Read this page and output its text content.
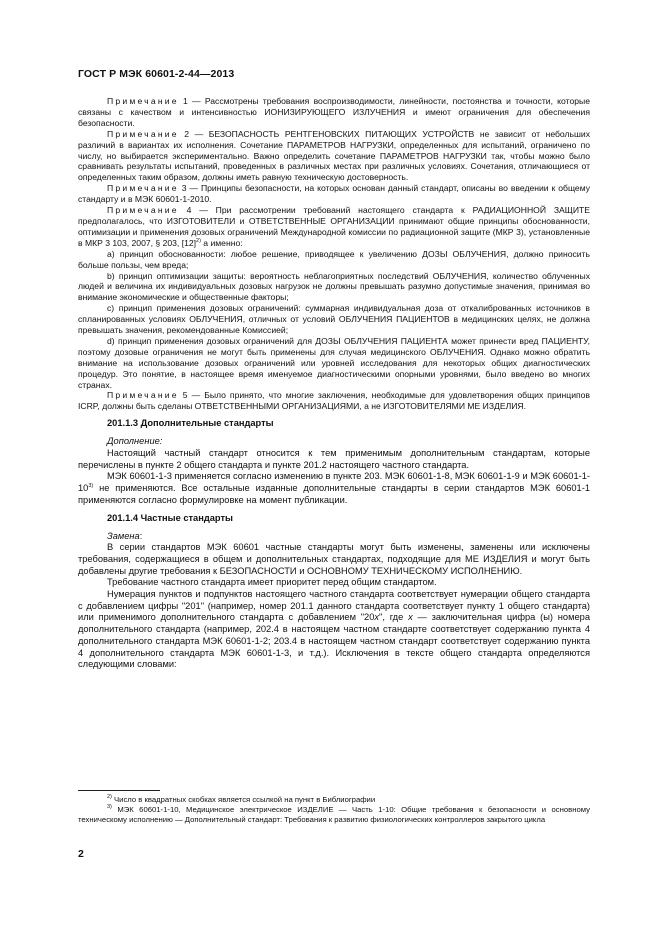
ГОСТ Р МЭК 60601-2-44—2013

Примечание 1 — Рассмотрены требования воспроизводимости, линейности, постоянства и точности, которые связаны с качеством и интенсивностью ИОНИЗИРУЮЩЕГО ИЗЛУЧЕНИЯ и имеют ограничения для обеспечения безопасности.

Примечание 2 — БЕЗОПАСНОСТЬ РЕНТГЕНОВСКИХ ПИТАЮЩИХ УСТРОЙСТВ не зависит от небольших различий в вариантах их исполнения. Сочетание ПАРАМЕТРОВ НАГРУЗКИ, определенных для испытаний, ограничено по числу, но выбирается экспериментально. Важно определить сочетание ПАРАМЕТРОВ НАГРУЗКИ так, чтобы можно было сравнивать результаты испытаний, проведенных в различных местах при различных условиях. Сочетания, отличающиеся от определенных таким образом, должны иметь равную техническую достоверность.

Примечание 3 — Принципы безопасности, на которых основан данный стандарт, описаны во введении к общему стандарту и в МЭК 60601-1-2010.

Примечание 4 — При рассмотрении требований настоящего стандарта к РАДИАЦИОННОЙ ЗАЩИТЕ предполагалось, что ИЗГОТОВИТЕЛИ и ОТВЕТСТВЕННЫЕ ОРГАНИЗАЦИИ принимают общие принципы обоснованности, оптимизации и применения дозовых ограничений Международной комиссии по радиационной защите (МКР 3), установленные в МКР 3 103, 2007, § 203, $[12]^{2)}$ а именно:

a) принцип обоснованности: любое решение, приводящее к увеличению ДОЗЫ ОБЛУЧЕНИЯ, должно приносить больше пользы, чем вреда;

b) принцип оптимизации защиты: вероятность неблагоприятных последствий ОБЛУЧЕНИЯ, количество облученных людей и величина их индивидуальных дозовых нагрузок не должны превышать разумно допустимые значения, принимая во внимание экономические и общественные факторы;

c) принцип применения дозовых ограничений: суммарная индивидуальная доза от откалиброванных источников в спланированных условиях ОБЛУЧЕНИЯ, отличных от условий ОБЛУЧЕНИЯ ПАЦИЕНТОВ в медицинских целях, не должна превышать значения, рекомендованные Комиссией;

d) принцип применения дозовых ограничений для ДОЗЫ ОБЛУЧЕНИЯ ПАЦИЕНТА может принести вред ПАЦИЕНТУ, поэтому дозовые ограничения не могут быть применены для случая медицинского ОБЛУЧЕНИЯ. Однако можно обратить внимание на использование дозовых ограничений или уровней исследования для некоторых общих диагностических процедур. Это понятие, в настоящее время именуемое диагностическими опорными уровнями, было введено во многих странах.

Примечание 5 — Было принято, что многие заключения, необходимые для удовлетворения общих принципов ICRP, должны быть сделаны ОТВЕТСТВЕННЫМИ ОРГАНИЗАЦИЯМИ, а не ИЗГОТОВИТЕЛЯМИ МЕ ИЗДЕЛИЯ.

201.1.3 Дополнительные стандарты

Дополнение:

Настоящий частный стандарт относится к тем применимым дополнительным стандартам, которые перечислены в пункте 2 общего стандарта и пункте 201.2 настоящего частного стандарта.

МЭК 60601-1-3 применяется согласно изменению в пункте 203. МЭК 60601-1-8, МЭК 60601-1-9 и МЭК 60601-1-10$^{3)}$ не применяются. Все остальные изданные дополнительные стандарты в серии стандартов МЭК 60601-1 применяются согласно формулировке на момент публикации.

201.1.4 Частные стандарты

Замена:

В серии стандартов МЭК 60601 частные стандарты могут быть изменены, заменены или исключены требования, содержащиеся в общем и дополнительных стандартах, подходящие для МЕ ИЗДЕЛИЯ и могут быть добавлены другие требования к БЕЗОПАСНОСТИ и ОСНОВНОМУ ТЕХНИЧЕСКОМУ ИСПОЛНЕНИЮ.

Требование частного стандарта имеет приоритет перед общим стандартом.

Нумерация пунктов и подпунктов настоящего частного стандарта соответствует нумерации общего стандарта с добавлением цифры "201" (например, номер 201.1 данного стандарта соответствует пункту 1 общего стандарта) или применимого дополнительного стандарта с добавлением "20x", где x — заключительная цифра (ы) номера дополнительного стандарта (например, 202.4 в настоящем частном стандарте соответствует содержанию пункта 4 дополнительного стандарта МЭК 60601-1-2; 203.4 в настоящем частном стандарт соответствует содержанию пункта 4 дополнительного стандарта МЭК 60601-1-3, и т.д.). Исключения в тексте общего стандарта определяются следующими словами:

$^{2)}$ Число в квадратных скобках является ссылкой на пункт в Библиографии

$^{3)}$ МЭК 60601-1-10, Медицинское электрическое ИЗДЕЛИЕ — Часть 1-10: Общие требования к безопасности и основному техническому исполнению — Дополнительный стандарт: Требования к развитию физиологических контроллеров закрытого цикла

2
